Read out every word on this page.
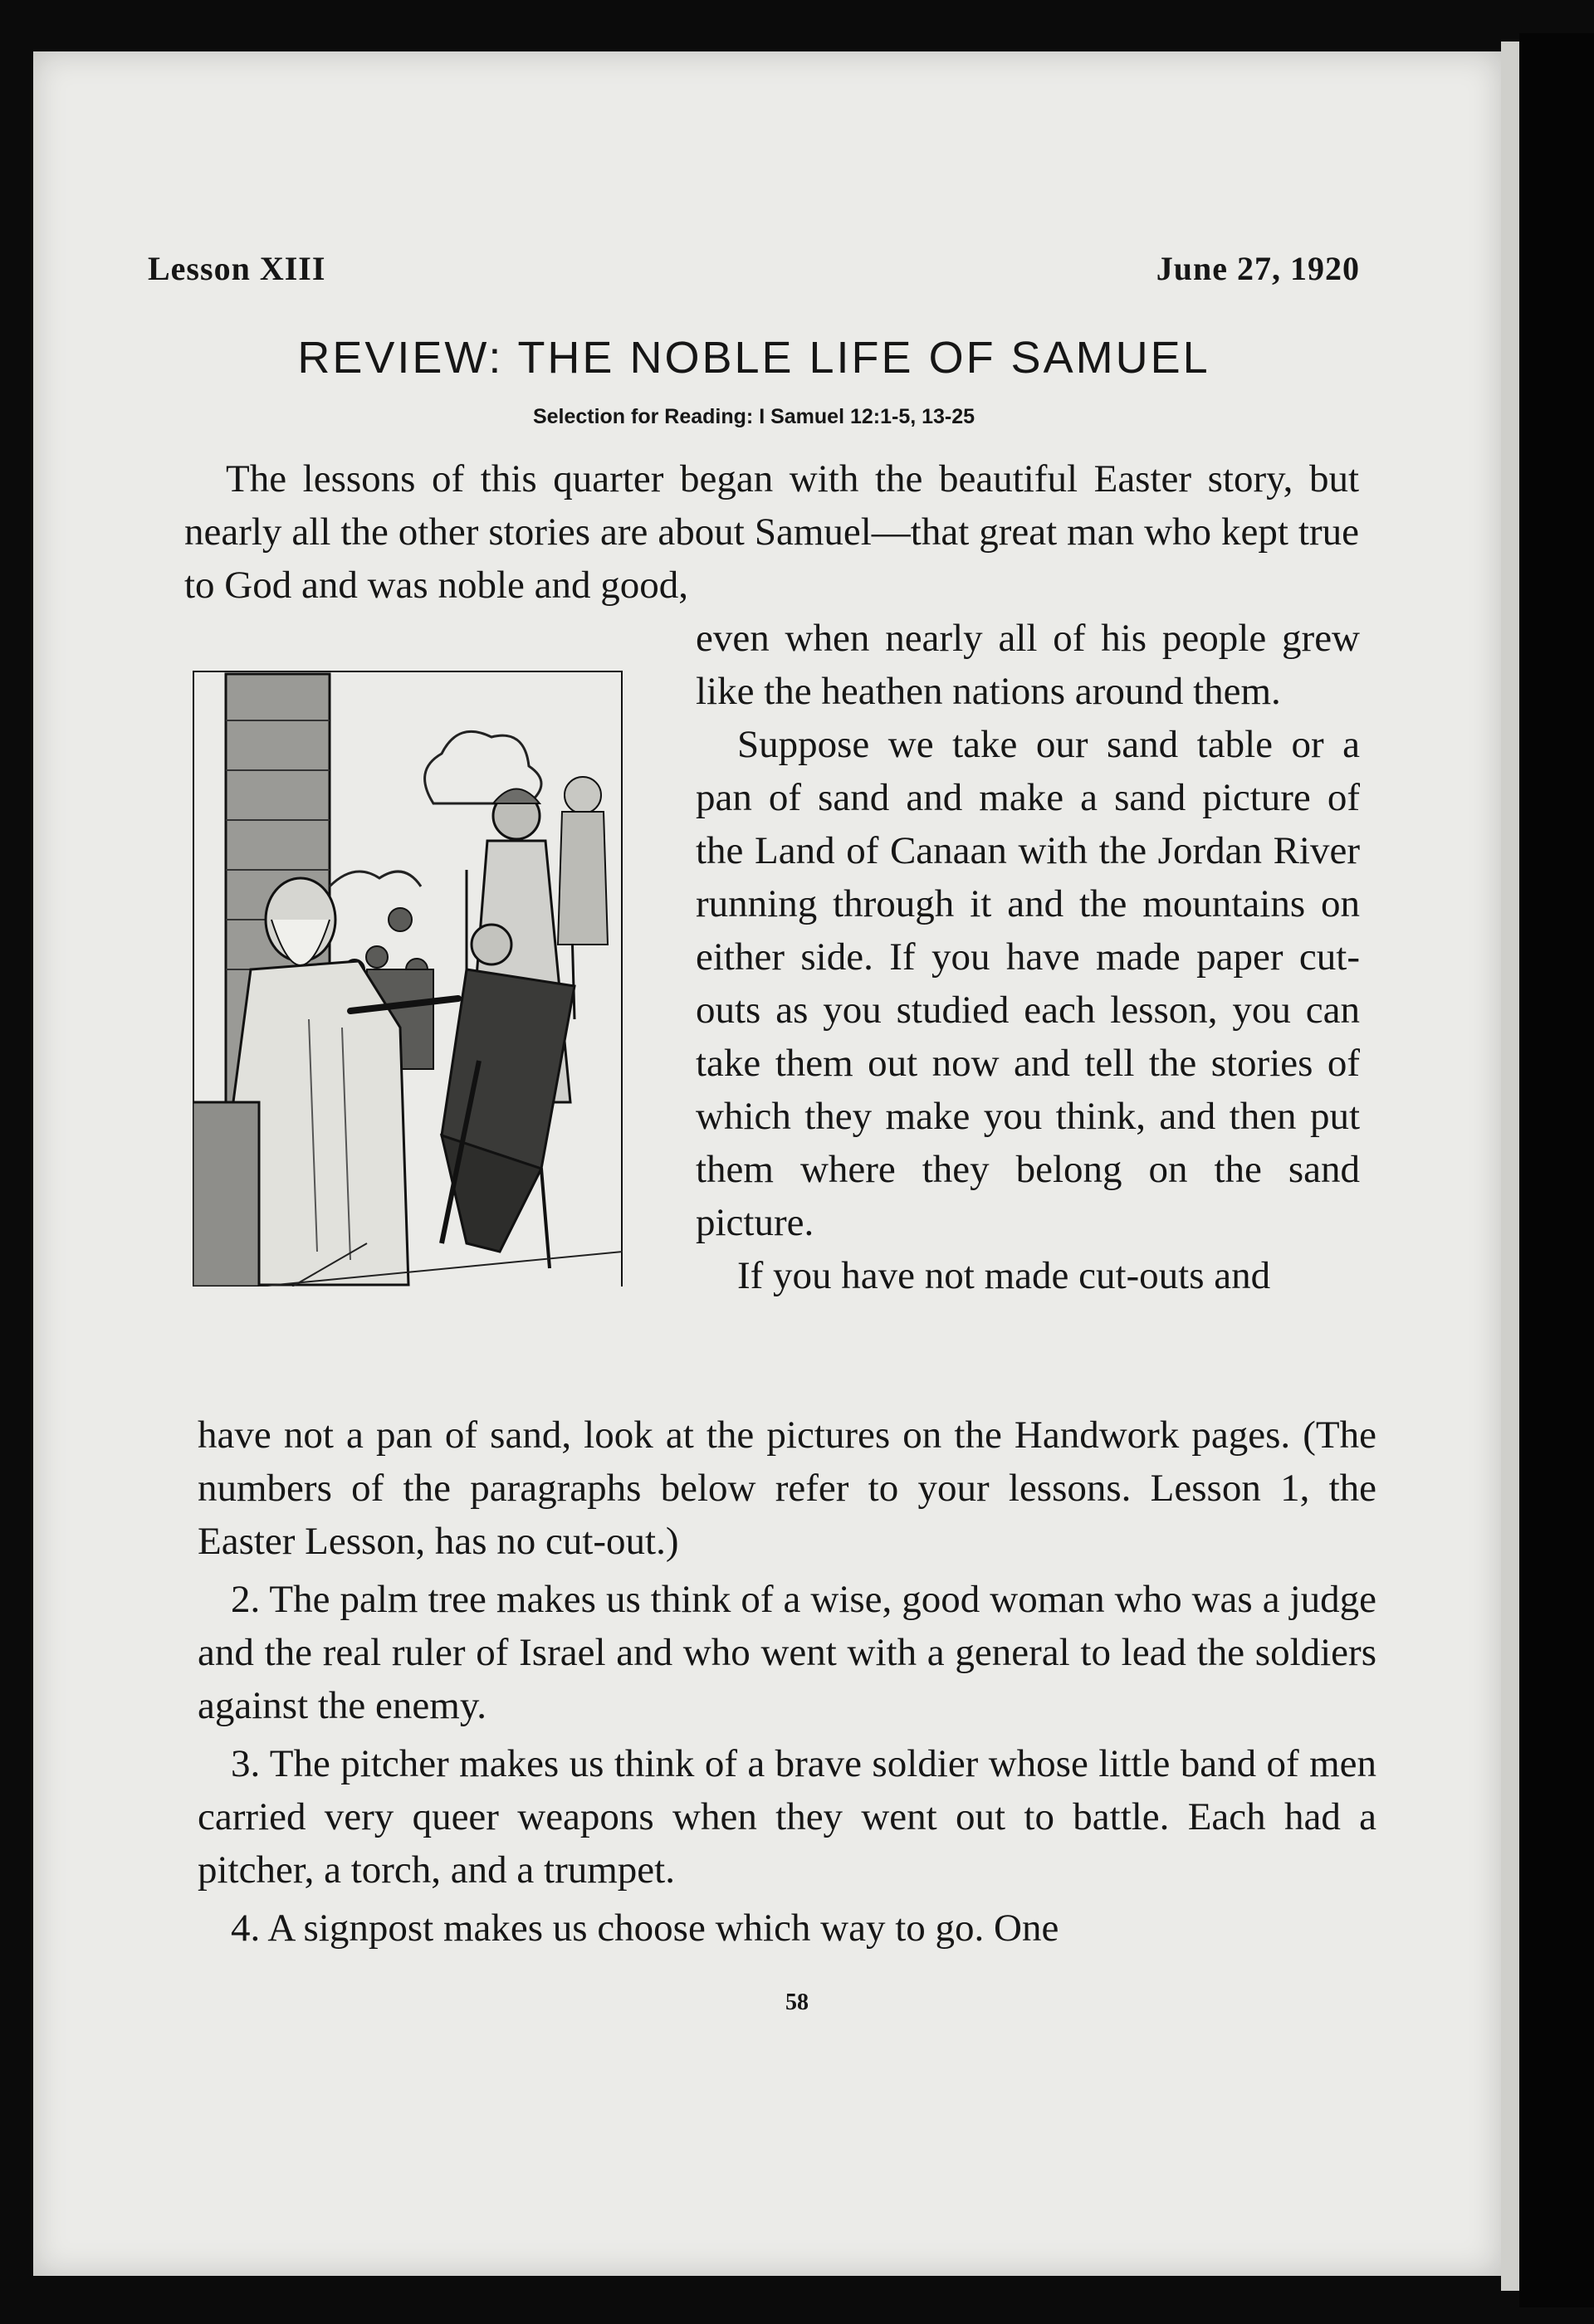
Lesson XIII	June 27, 1920
REVIEW: THE NOBLE LIFE OF SAMUEL
Selection for Reading: I Samuel 12:1-5, 13-25
The lessons of this quarter began with the beautiful Easter story, but nearly all the other stories are about Samuel—that great man who kept true to God and was noble and good,

even when nearly all of his people grew like the heathen nations around them.

Suppose we take our sand table or a pan of sand and make a sand picture of the Land of Canaan with the Jordan River running through it and the mountains on either side. If you have made paper cut-outs as you studied each lesson, you can take them out now and tell the stories of which they make you think, and then put them where they belong on the sand picture.

If you have not made cut-outs and

have not a pan of sand, look at the pictures on the Handwork pages. (The numbers of the paragraphs below refer to your lessons. Lesson 1, the Easter Lesson, has no cut-out.)

2. The palm tree makes us think of a wise, good woman who was a judge and the real ruler of Israel and who went with a general to lead the soldiers against the enemy.

3. The pitcher makes us think of a brave soldier whose little band of men carried very queer weapons when they went out to battle. Each had a pitcher, a torch, and a trumpet.

4. A signpost makes us choose which way to go. One

58
